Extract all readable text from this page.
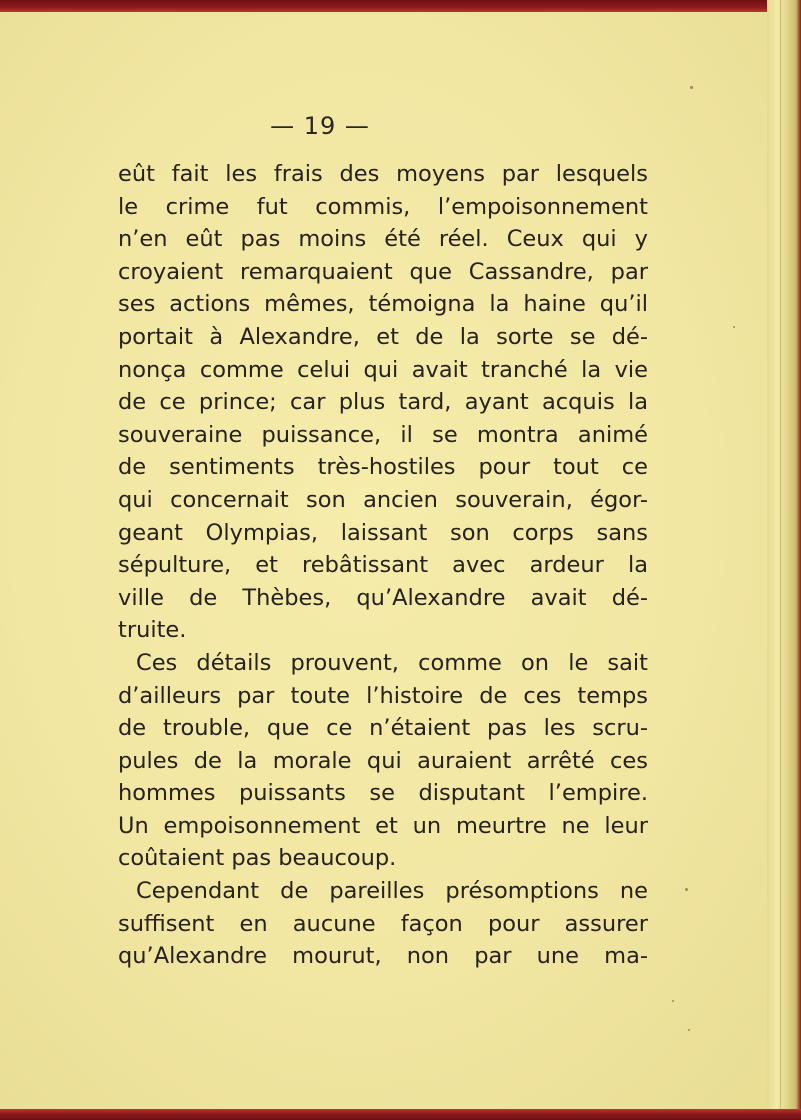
— 19 —
eût fait les frais des moyens par lesquels
le crime fut commis, l’empoisonnement
n’en eût pas moins été réel. Ceux qui y
croyaient remarquaient que Cassandre, par
ses actions mêmes, témoigna la haine qu’il
portait à Alexandre, et de la sorte se dé-
nonça comme celui qui avait tranché la vie
de ce prince; car plus tard, ayant acquis la
souveraine puissance, il se montra animé
de sentiments très-hostiles pour tout ce
qui concernait son ancien souverain, égor-
geant Olympias, laissant son corps sans
sépulture, et rebâtissant avec ardeur la
ville de Thèbes, qu’Alexandre avait dé-
truite.
Ces détails prouvent, comme on le sait
d’ailleurs par toute l’histoire de ces temps
de trouble, que ce n’étaient pas les scru-
pules de la morale qui auraient arrêté ces
hommes puissants se disputant l’empire.
Un empoisonnement et un meurtre ne leur
coûtaient pas beaucoup.
Cependant de pareilles présomptions ne
suffisent en aucune façon pour assurer
qu’Alexandre mourut, non par une ma-
